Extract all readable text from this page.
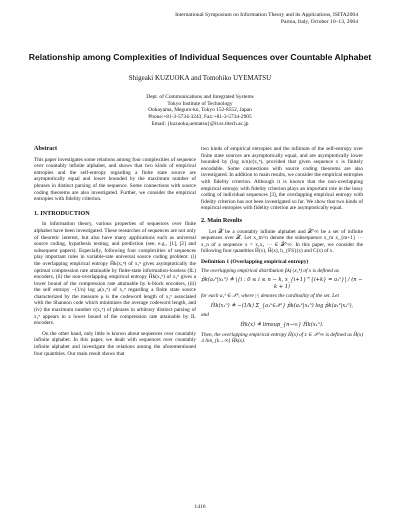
International Symposium on Information Theory and its Applications, ISITA2004
Parma, Italy, October 10–13, 2004
Relationship among Complexities of Individual Sequences over Countable Alphabet
Shigeaki KUZUOKA and Tomohiko UYEMATSU
Dept. of Communications and Integrated Systems
Tokyo Institute of Technology
Ookayama, Meguro-ku, Tokyo 152-8552, Japan
Phone:+81-3-5734-3243, Fax:+81-3-5734-2905
Email: {kuzuoka,uematsu}@it.ss.titech.ac.jp
Abstract

This paper investigates some relations among four complexities of sequence over countably infinite alphabet, and shows that two kinds of empirical entropies and the self-entropy regarding a finite state source are asymptotically equal and lower bounded by the maximum number of phrases in distinct parsing of the sequence. Some connections with source coding theorems are also investigated. Further, we consider the empirical entropies with fidelity criterion.

1. INTRODUCTION

In information theory, various properties of sequences over finite alphabet have been investigated. These researches of sequences are not only of theoretic interest, but also have many applications such as universal source coding, hypothesis testing, and prediction (see, e.g., [1], [2] and subsequent papers). Especially, following four complexities of sequences play important roles in variable-rate universal source coding problem: (i) the overlapping empirical entropy Ĥk(x₁ⁿ) of x₁ⁿ gives asymptotically the optimal compression rate attainable by finite-state information-lossless (IL) encoders, (ii) the non-overlapping empirical entropy H̃k(x₁ⁿ) of x₁ⁿ gives a lower bound of the compression rate attainable by k-block encoders, (iii) the self entropy −(1/n) log μ(x₁ⁿ) of x₁ⁿ regarding a finite state source characterized by the measure μ is the codeword length of x₁ⁿ associated with the Shannon code which minimizes the average codeword length, and (iv) the maximum number c(x₁ⁿ) of phrases in arbitrary distinct parsing of x₁ⁿ appears in a lower bound of the compression rate attainable by IL encoders.

On the other hand, only little is known about sequences over countably infinite alphabet. In this paper, we dealt with sequences over countably infinite alphabet and investigate the relations among the aforementioned four quantities. Our main result shows that

two kinds of empirical entropies and the infimum of the self-entropy over finite state sources are asymptotically equal, and are asymptotically lower bounded by (log n/n)c(x₁ⁿ), provided that given sequence x is finitely encodable. Some connections with source coding theorems are also investigated. In addition to main results, we consider the empirical entropies with fidelity criterion. Although it is known that the non-overlapping empirical entropy with fidelity criterion plays an important role in the lossy coding of individual sequences [3], the overlapping empirical entropy with fidelity criterion has not been investigated so far. We show that two kinds of empirical entropies with fidelity criterion are asymptotically equal.

2. Main Results

Let 𝒳 be a countably infinite alphabet and 𝒳^∞ be a set of infinite sequences over 𝒳. Let x_m^n denote the subsequence x_m x_{m+1} ··· x_n of a sequence x = x₁x₂ ··· ∈ 𝒳^∞. In this paper, we consider the following four quantities Ĥ(x), H̃(x), h_{FS}(x) and C(x) of x.

Definition 1 (Overlapping empirical entropy)

The overlapping empirical distribution p̂k(·|x₁ⁿ) of x is defined as

p̂k(a₁ᵏ|x₁ⁿ) ≜ |{i : 0 ≤ i ≤ n − k, x_{i+1}^{i+k} = a₁ᵏ}| / (n − k + 1)

for each a₁ᵏ ∈ 𝒳ᵏ, where |·| denotes the cardinality of the set. Let

Ĥk(x₁ⁿ) ≜ −(1/k) Σ_{a₁ᵏ∈𝒳ᵏ} p̂k(a₁ᵏ|x₁ⁿ) log p̂k(a₁ᵏ|x₁ⁿ),

and

Ĥk(x) ≜ limsup_{n→∞} Ĥk(x₁ⁿ).

Then, the overlapping empirical entropy Ĥ(x) of x ∈ 𝒳^∞ is defined as Ĥ(x) ≜ lim_{k→∞} Ĥk(x).

1416
